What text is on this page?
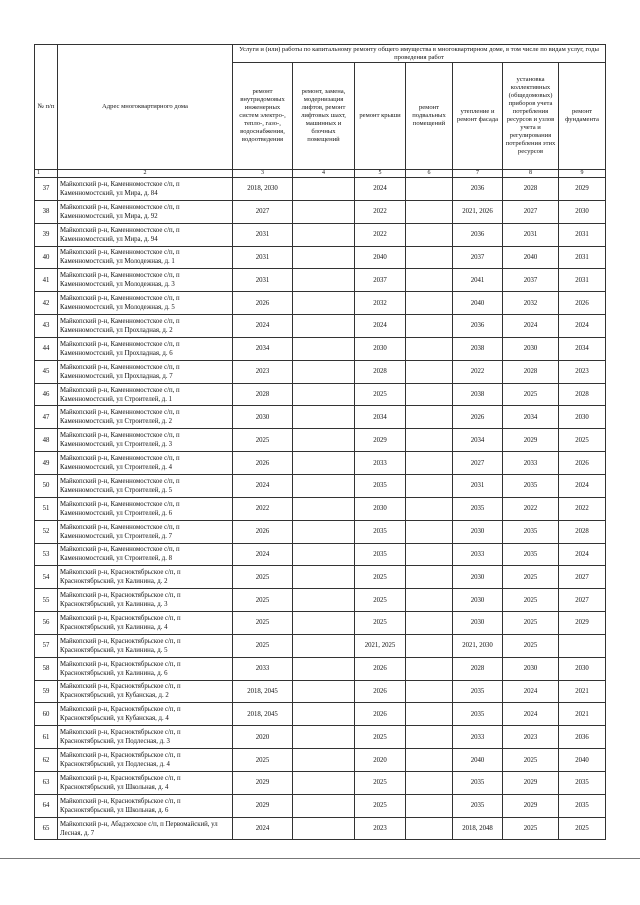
№ п/п	Адрес многоквартирного дома	Услуги и (или) работы по капитальному ремонту общего имущества в многоквартирном доме, в том числе по видам услуг, годы проведения работ						
		ремонт внутридомовых инженерных систем электро-, тепло-, газо-, водоснабжения, водоотведения	ремонт, замена, модернизация лифтов, ремонт лифтовых шахт, машинных и блочных помещений	ремонт крыши	ремонт подвальных помещений	утепление и ремонт фасада	установка коллективных (общедомовых) приборов учета потребления ресурсов и узлов учета и регулирования потребления этих ресурсов	ремонт фундамента
1	2	3	4	5	6	7	8	9
37	Майкопский р-н, Каменномостское с/п, п Каменномостский, ул Мира, д. 84	2018, 2030		2024		2036	2028	2029
38	Майкопский р-н, Каменномостское с/п, п Каменномостский, ул Мира, д. 92	2027		2022		2021, 2026	2027	2030
39	Майкопский р-н, Каменномостское с/п, п Каменномостский, ул Мира, д. 94	2031		2022		2036	2031	2031
40	Майкопский р-н, Каменномостское с/п, п Каменномостский, ул Молодежная, д. 1	2031		2040		2037	2040	2031
41	Майкопский р-н, Каменномостское с/п, п Каменномостский, ул Молодежная, д. 3	2031		2037		2041	2037	2031
42	Майкопский р-н, Каменномостское с/п, п Каменномостский, ул Молодежная, д. 5	2026		2032		2040	2032	2026
43	Майкопский р-н, Каменномостское с/п, п Каменномостский, ул Прохладная, д. 2	2024		2024		2036	2024	2024
44	Майкопский р-н, Каменномостское с/п, п Каменномостский, ул Прохладная, д. 6	2034		2030		2038	2030	2034
45	Майкопский р-н, Каменномостское с/п, п Каменномостский, ул Прохладная, д. 7	2023		2028		2022	2028	2023
46	Майкопский р-н, Каменномостское с/п, п Каменномостский, ул Строителей, д. 1	2028		2025		2038	2025	2028
47	Майкопский р-н, Каменномостское с/п, п Каменномостский, ул Строителей, д. 2	2030		2034		2026	2034	2030
48	Майкопский р-н, Каменномостское с/п, п Каменномостский, ул Строителей, д. 3	2025		2029		2034	2029	2025
49	Майкопский р-н, Каменномостское с/п, п Каменномостский, ул Строителей, д. 4	2026		2033		2027	2033	2026
50	Майкопский р-н, Каменномостское с/п, п Каменномостский, ул Строителей, д. 5	2024		2035		2031	2035	2024
51	Майкопский р-н, Каменномостское с/п, п Каменномостский, ул Строителей, д. 6	2022		2030		2035	2022	2022
52	Майкопский р-н, Каменномостское с/п, п Каменномостский, ул Строителей, д. 7	2026		2035		2030	2035	2028
53	Майкопский р-н, Каменномостское с/п, п Каменномостский, ул Строителей, д. 8	2024		2035		2033	2035	2024
54	Майкопский р-н, Красноктябрьское с/п, п Красноктябрьский, ул Калинина, д. 2	2025		2025		2030	2025	2027
55	Майкопский р-н, Красноктябрьское с/п, п Красноктябрьский, ул Калинина, д. 3	2025		2025		2030	2025	2027
56	Майкопский р-н, Красноктябрьское с/п, п Красноктябрьский, ул Калинина, д. 4	2025		2025		2030	2025	2029
57	Майкопский р-н, Красноктябрьское с/п, п Красноктябрьский, ул Калинина, д. 5	2025		2021, 2025		2021, 2030	2025	
58	Майкопский р-н, Красноктябрьское с/п, п Красноктябрьский, ул Калинина, д. 6	2033		2026		2028	2030	2030
59	Майкопский р-н, Красноктябрьское с/п, п Красноктябрьский, ул Кубанская, д. 2	2018, 2045		2026		2035	2024	2021
60	Майкопский р-н, Красноктябрьское с/п, п Красноктябрьский, ул Кубанская, д. 4	2018, 2045		2026		2035	2024	2021
61	Майкопский р-н, Красноктябрьское с/п, п Красноктябрьский, ул Подлесная, д. 3	2020		2025		2033	2023	2036
62	Майкопский р-н, Красноктябрьское с/п, п Красноктябрьский, ул Подлесная, д. 4	2025		2020		2040	2025	2040
63	Майкопский р-н, Красноктябрьское с/п, п Красноктябрьский, ул Школьная, д. 4	2029		2025		2035	2029	2035
64	Майкопский р-н, Красноктябрьское с/п, п Красноктябрьский, ул Школьная, д. 6	2029		2025		2035	2029	2035
65	Майкопский р-н, Абадзехское с/п, п Первомайский, ул Лесная, д. 7	2024		2023		2018, 2048	2025	2025
